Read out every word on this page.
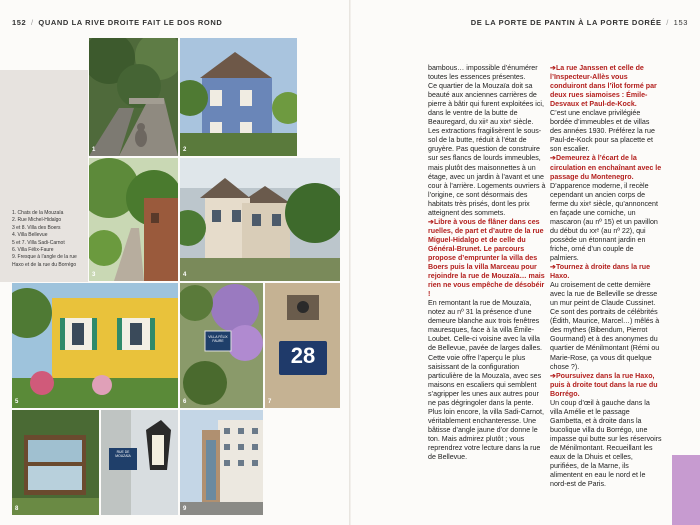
152 / QUAND LA RIVE DROITE FAIT LE DOS ROND	DE LA PORTE DE PANTIN À LA PORTE DORÉE / 153
1. Chats de la Mouzaïa
2. Rue Michel-Hidalgo
3 et 8. Villa des Boers
4. Villa Bellevue
5 et 7. Villa Sadi-Carnot
6. Villa Félix-Faure
9. Fresque à l’angle de la rue Haxo et de la rue du Borrégo
1	2
3	4
5
VILLA FÉLIX FAURE
6
28
7
8
RUE DE MOUZAÏA
9

bambous… impossible d’énumérer toutes les essences présentes.

Ce quartier de la Mouzaïa doit sa beauté aux anciennes carrières de pierre à bâtir qui furent exploitées ici, dans le ventre de la butte de Beauregard, du xiiᵉ au xixᵉ siècle. Les extractions fragilisèrent le sous-sol de la butte, réduit à l’état de gruyère. Pas question de construire sur ses flancs de lourds immeubles, mais plutôt des maisonnettes à un étage, avec un jardin à l’avant et une cour à l’arrière. Logements ouvriers à l’origine, ce sont désormais des habitats très prisés, dont les prix atteignent des sommets.

➔Libre à vous de flâner dans ces ruelles, de part et d’autre de la rue Miguel-Hidalgo et de celle du Général-Brunet. Le parcours propose d’emprunter la villa des Boers puis la villa Marceau pour rejoindre la rue de Mouzaïa… mais rien ne vous empêche de désobéir !

En remontant la rue de Mouzaïa, notez au nº 31 la présence d’une demeure blanche aux trois fenêtres mauresques, face à la villa Émile-Loubet. Celle-ci voisine avec la villa de Bellevue, pavée de larges dalles. Cette voie offre l’aperçu le plus saisissant de la configuration particulière de la Mouzaïa, avec ses maisons en escaliers qui semblent s’agripper les unes aux autres pour ne pas dégringoler dans la pente. Plus loin encore, la villa Sadi-Carnot, véritablement enchanteresse. Une bâtisse d’angle jaune d’or donne le ton. Mais admirez plutôt ; vous reprendrez votre lecture dans la rue de Bellevue.

➔La rue Janssen et celle de l’Inspecteur-Allès vous conduiront dans l’îlot formé par deux rues siamoises : Émile-Desvaux et Paul-de-Kock.

C’est une enclave privilégiée bordée d’immeubles et de villas des années 1930. Préférez la rue Paul-de-Kock pour sa placette et son escalier.

➔Demeurez à l’écart de la circulation en enchaînant avec le passage du Montenegro.

D’apparence moderne, il recèle cependant un ancien corps de ferme du xixᵉ siècle, qu’annoncent en façade une corniche, un mascaron (au nº 15) et un pavillon du début du xxᵉ (au nº 22), qui possède un étonnant jardin en friche, orné d’un couple de palmiers.

➔Tournez à droite dans la rue Haxo.

Au croisement de cette dernière avec la rue de Belleville se dresse un mur peint de Claude Cussinet. Ce sont des portraits de célébrités (Édith, Maurice, Marcel…) mêlés à des mythes (Bibendum, Pierrot Gourmand) et à des anonymes du quartier de Ménilmontant (Rémi ou Marie-Rose, ça vous dit quelque chose ?).

➔Poursuivez dans la rue Haxo, puis à droite tout dans la rue du Borrégo.

Un coup d’œil à gauche dans la villa Amélie et le passage Gambetta, et à droite dans la bucolique villa du Borrégo, une impasse qui butte sur les réservoirs de Ménilmontant. Recueillant les eaux de la Dhuis et celles, purifiées, de la Marne, ils alimentent en eau le nord et le nord-est de Paris.
